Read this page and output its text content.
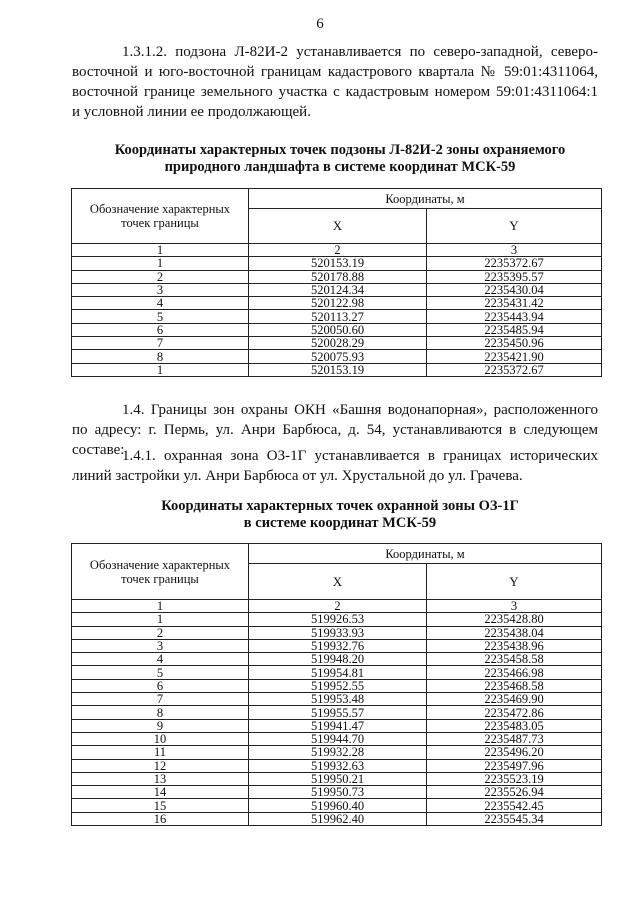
6
1.3.1.2. подзона Л-82И-2 устанавливается по северо-западной, северо-
восточной и юго-восточной границам кадастрового квартала № 59:01:4311064,
восточной границе земельного участка с кадастровым номером 59:01:4311064:1
и условной линии ее продолжающей.
Координаты характерных точек подзоны Л-82И-2 зоны охраняемого
природного ландшафта в системе координат МСК-59
Обозначение характерных
точек границы	Координаты, м	
	X	Y
1	2	3
1	520153.19	2235372.67
2	520178.88	2235395.57
3	520124.34	2235430.04
4	520122.98	2235431.42
5	520113.27	2235443.94
6	520050.60	2235485.94
7	520028.29	2235450.96
8	520075.93	2235421.90
1	520153.19	2235372.67
1.4. Границы зон охраны ОКН «Башня водонапорная», расположенного
по адресу: г. Пермь, ул. Анри Барбюса, д. 54, устанавливаются в следующем
составе:
1.4.1. охранная зона ОЗ-1Г устанавливается в границах исторических
линий застройки ул. Анри Барбюса от ул. Хрустальной до ул. Грачева.
Координаты характерных точек охранной зоны ОЗ-1Г
в системе координат МСК-59
Обозначение характерных
точек границы	Координаты, м	
	X	Y
1	2	3
1	519926.53	2235428.80
2	519933.93	2235438.04
3	519932.76	2235438.96
4	519948.20	2235458.58
5	519954.81	2235466.98
6	519952.55	2235468.58
7	519953.48	2235469.90
8	519955.57	2235472.86
9	519941.47	2235483.05
10	519944.70	2235487.73
11	519932.28	2235496.20
12	519932.63	2235497.96
13	519950.21	2235523.19
14	519950.73	2235526.94
15	519960.40	2235542.45
16	519962.40	2235545.34
